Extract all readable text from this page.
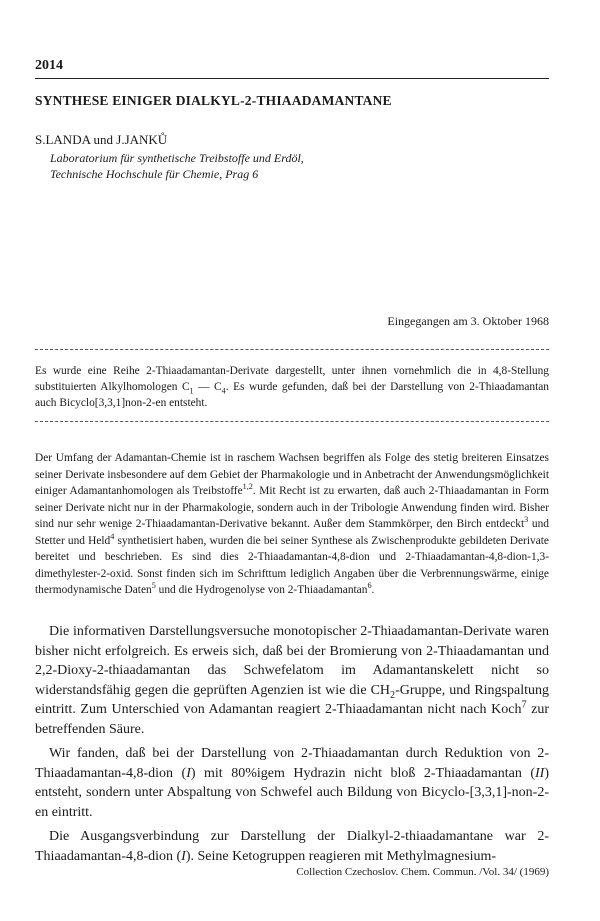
2014
SYNTHESE EINIGER DIALKYL-2-THIAADAMANTANE
S.LANDA und J.JANKŮ
Laboratorium für synthetische Treibstoffe und Erdöl,
Technische Hochschule für Chemie, Prag 6
Eingegangen am 3. Oktober 1968

Es wurde eine Reihe 2-Thiaadamantan-Derivate dargestellt, unter ihnen vornehmlich die in 4,8-Stellung substituierten Alkylhomologen $C_1$ — $C_4$. Es wurde gefunden, daß bei der Darstellung von 2-Thiaadamantan auch Bicyclo[3,3,1]non-2-en entsteht.

Der Umfang der Adamantan-Chemie ist in raschem Wachsen begriffen als Folge des stetig breiteren Einsatzes seiner Derivate insbesondere auf dem Gebiet der Pharmakologie und in Anbetracht der Anwendungsmöglichkeit einiger Adamantanhomologen als Treibstoffe$^{1,2}$. Mit Recht ist zu erwarten, daß auch 2-Thiaadamantan in Form seiner Derivate nicht nur in der Pharmakologie, sondern auch in der Tribologie Anwendung finden wird. Bisher sind nur sehr wenige 2-Thiaadamantan-Derivative bekannt. Außer dem Stammkörper, den Birch entdeckt$^3$ und Stetter und Held$^4$ synthetisiert haben, wurden die bei seiner Synthese als Zwischenprodukte gebildeten Derivate bereitet und beschrieben. Es sind dies 2-Thiaadamantan-4,8-dion und 2-Thiaadamantan-4,8-dion-1,3-dimethylester-2-oxid. Sonst finden sich im Schrifttum lediglich Angaben über die Verbrennungswärme, einige thermodynamische Daten$^5$ und die Hydrogenolyse von 2-Thiaadamantan$^6$.

Die informativen Darstellungsversuche monotopischer 2-Thiaadamantan-Derivate waren bisher nicht erfolgreich. Es erweis sich, daß bei der Bromierung von 2-Thiaadamantan und 2,2-Dioxy-2-thiaadamantan das Schwefelatom im Adamantanskelett nicht so widerstandsfähig gegen die geprüften Agenzien ist wie die $CH_2$-Gruppe, und Ringspaltung eintritt. Zum Unterschied von Adamantan reagiert 2-Thiaadamantan nicht nach Koch$^7$ zur betreffenden Säure.

Wir fanden, daß bei der Darstellung von 2-Thiaadamantan durch Reduktion von 2-Thiaadamantan-4,8-dion (I) mit 80%igem Hydrazin nicht bloß 2-Thiaadamantan (II) entsteht, sondern unter Abspaltung von Schwefel auch Bildung von Bicyclo-[3,3,1]-non-2-en eintritt.

Die Ausgangsverbindung zur Darstellung der Dialkyl-2-thiaadamantane war 2-Thiaadamantan-4,8-dion (I). Seine Ketogruppen reagieren mit Methylmagnesium-

Collection Czechoslov. Chem. Commun. /Vol. 34/ (1969)
